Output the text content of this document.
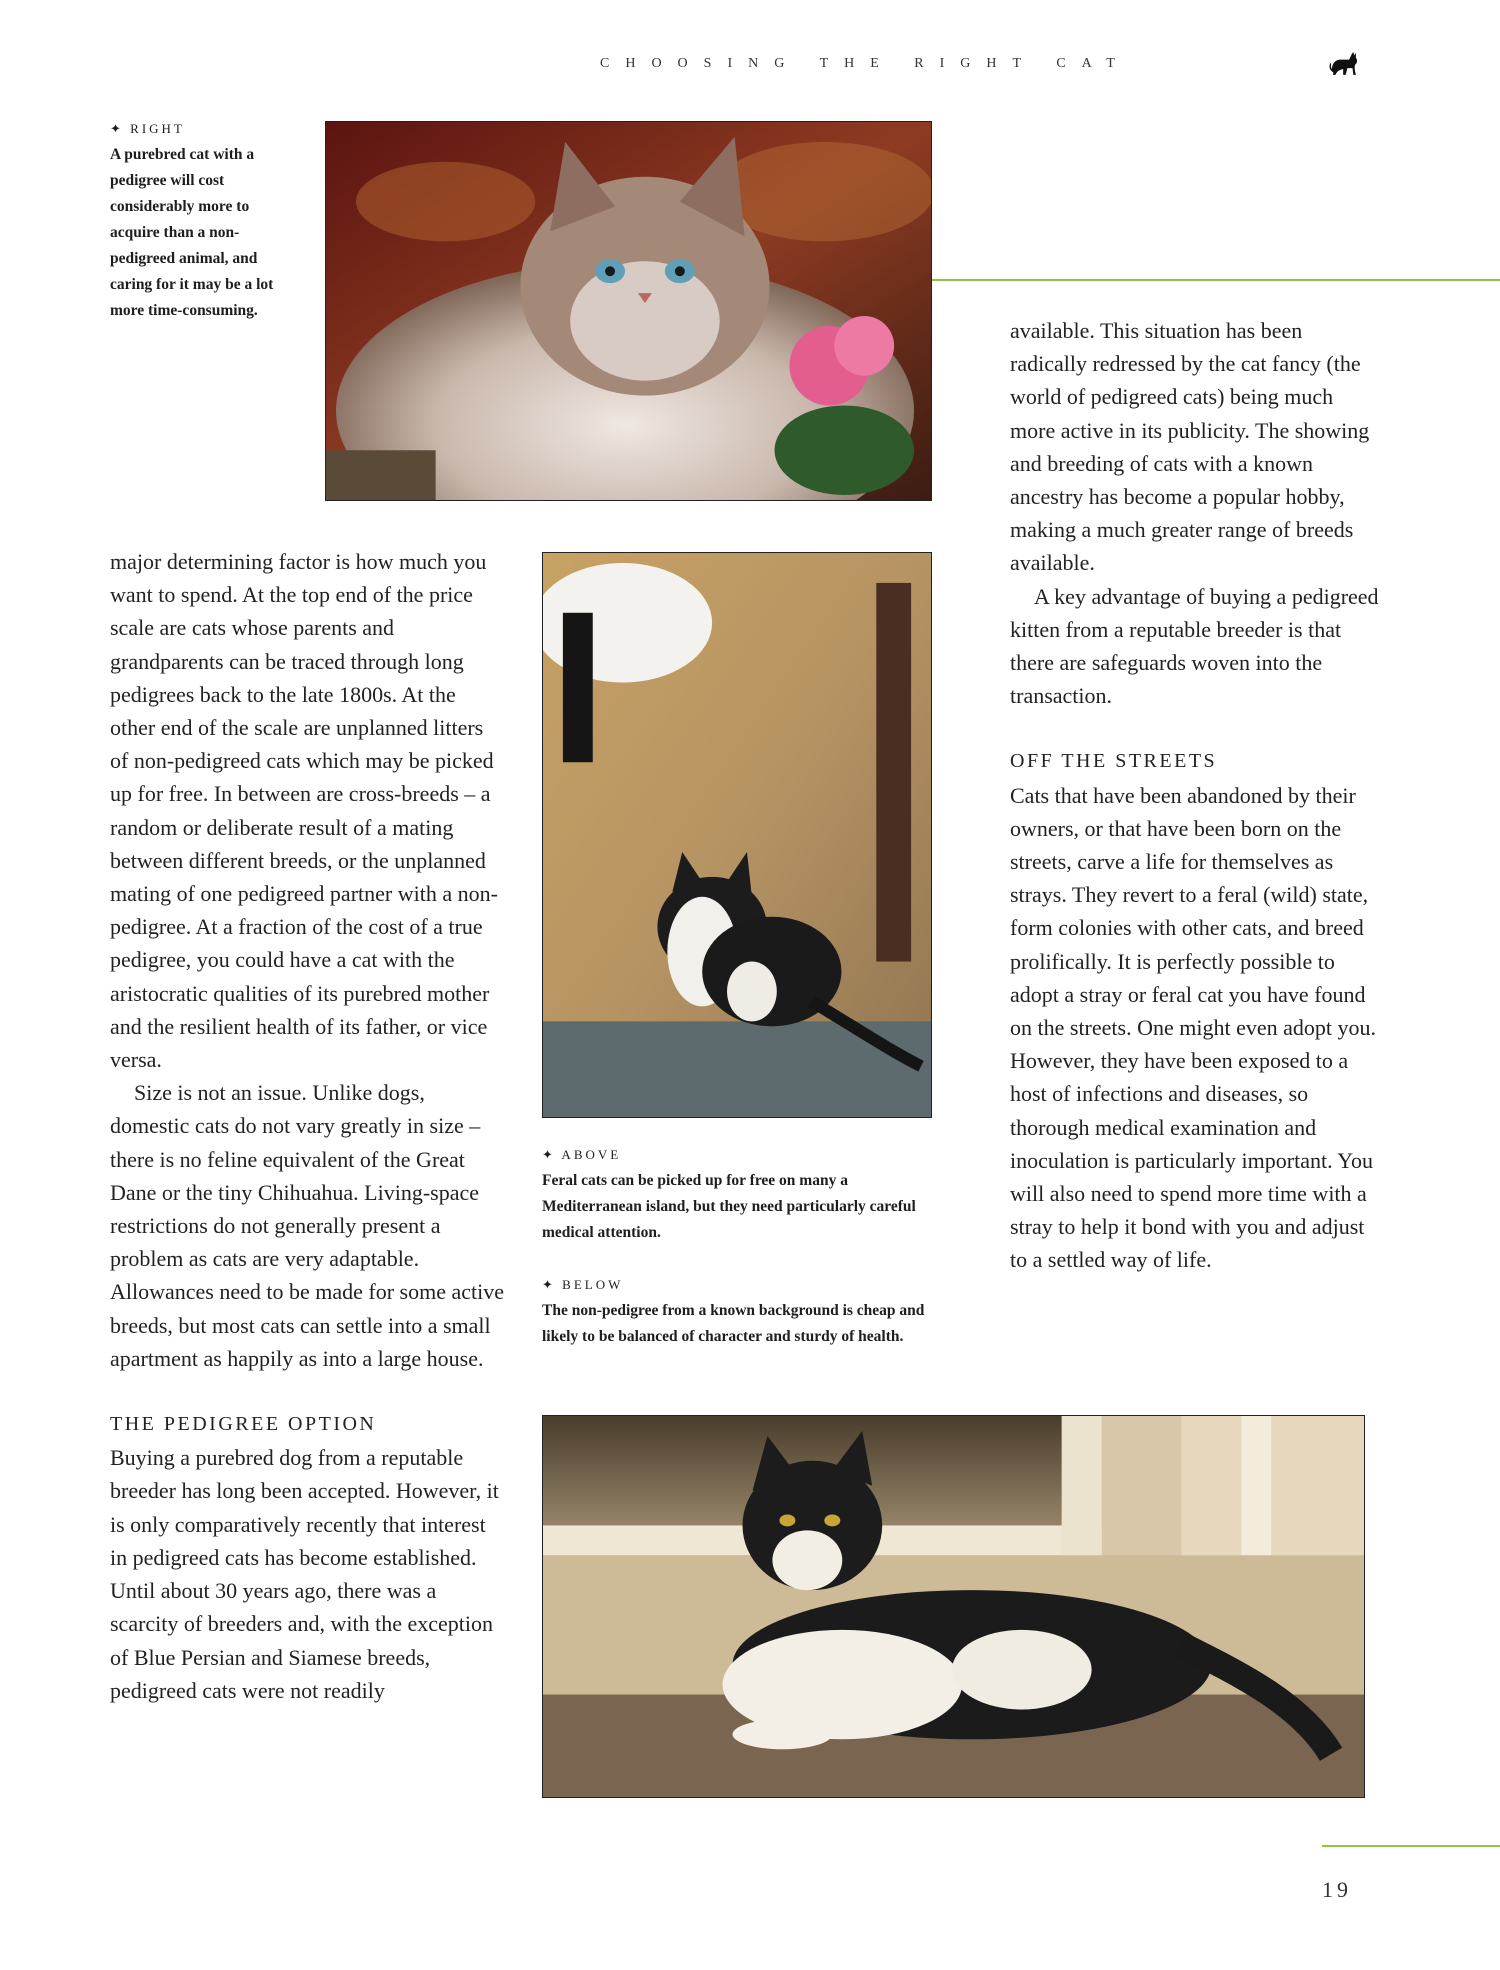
CHOOSING THE RIGHT CAT
✦ RIGHT
A purebred cat with a pedigree will cost considerably more to acquire than a non-pedigreed animal, and caring for it may be a lot more time-consuming.
✦ ABOVE
Feral cats can be picked up for free on many a Mediterranean island, but they need particularly careful medical attention.
✦ BELOW
The non-pedigree from a known background is cheap and likely to be balanced of character and sturdy of health.

major determining factor is how much you want to spend. At the top end of the price scale are cats whose parents and grandparents can be traced through long pedigrees back to the late 1800s. At the other end of the scale are unplanned litters of non-pedigreed cats which may be picked up for free. In between are cross-breeds – a random or deliberate result of a mating between different breeds, or the unplanned mating of one pedigreed partner with a non-pedigree. At a fraction of the cost of a true pedigree, you could have a cat with the aristocratic qualities of its purebred mother and the resilient health of its father, or vice versa.

Size is not an issue. Unlike dogs, domestic cats do not vary greatly in size – there is no feline equivalent of the Great Dane or the tiny Chihuahua. Living-space restrictions do not generally present a problem as cats are very adaptable. Allowances need to be made for some active breeds, but most cats can settle into a small apartment as happily as into a large house.

THE PEDIGREE OPTION

Buying a purebred dog from a reputable breeder has long been accepted. However, it is only comparatively recently that interest in pedigreed cats has become established. Until about 30 years ago, there was a scarcity of breeders and, with the exception of Blue Persian and Siamese breeds, pedigreed cats were not readily

available. This situation has been radically redressed by the cat fancy (the world of pedigreed cats) being much more active in its publicity. The showing and breeding of cats with a known ancestry has become a popular hobby, making a much greater range of breeds available.

A key advantage of buying a pedigreed kitten from a reputable breeder is that there are safeguards woven into the transaction.

OFF THE STREETS

Cats that have been abandoned by their owners, or that have been born on the streets, carve a life for themselves as strays. They revert to a feral (wild) state, form colonies with other cats, and breed prolifically. It is perfectly possible to adopt a stray or feral cat you have found on the streets. One might even adopt you. However, they have been exposed to a host of infections and diseases, so thorough medical examination and inoculation is particularly important. You will also need to spend more time with a stray to help it bond with you and adjust to a settled way of life.

19
